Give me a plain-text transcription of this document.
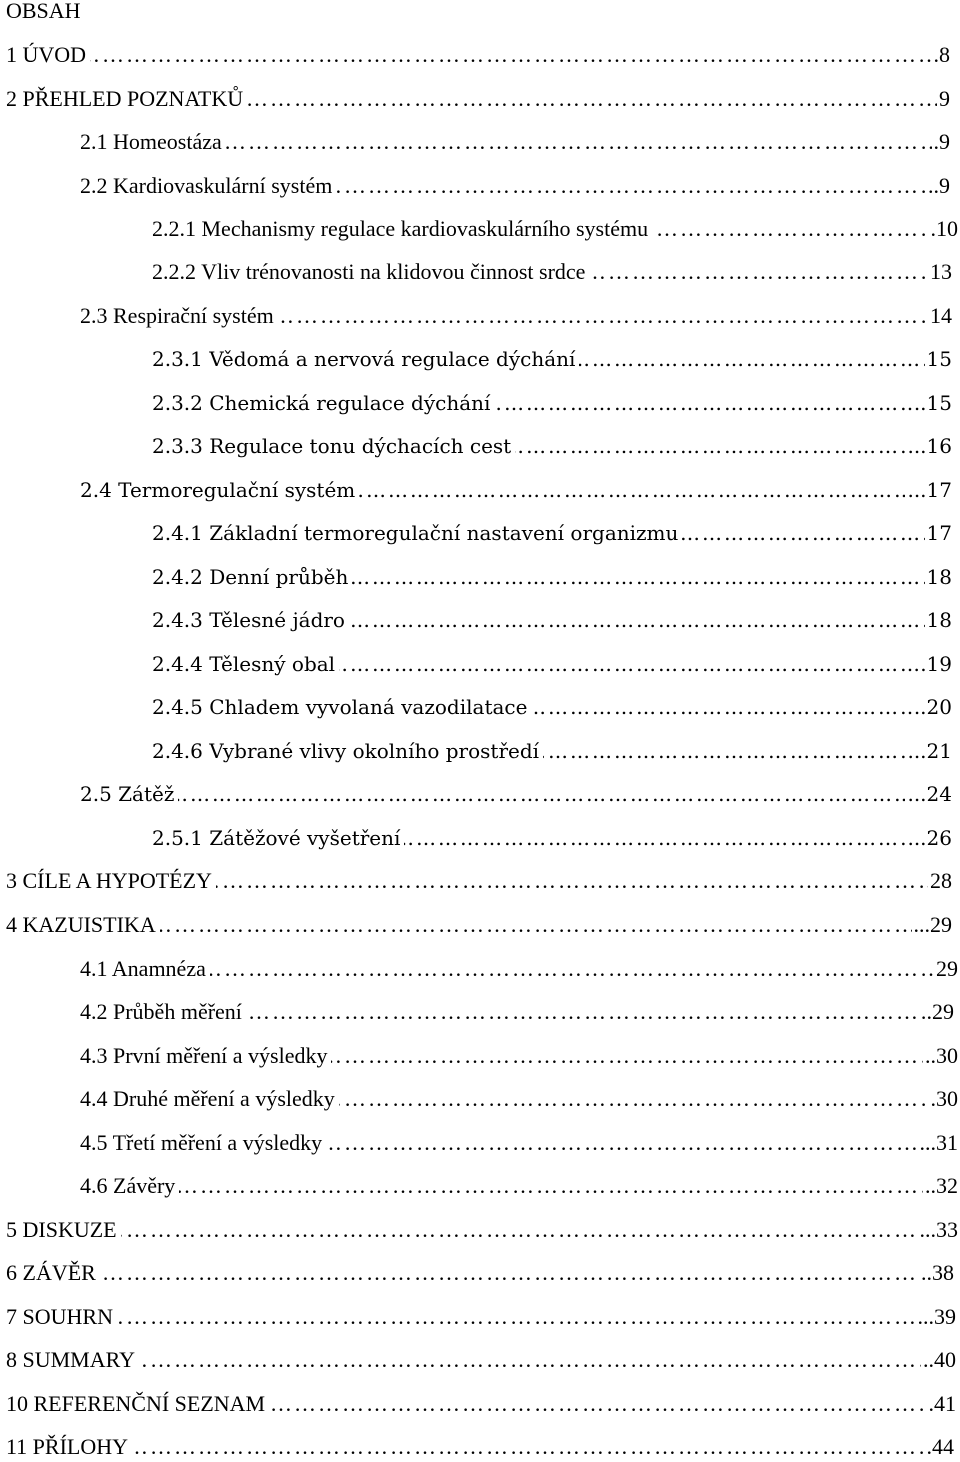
OBSAH
…………………………………………………………………………………………………………………………………………………………………………………………
1 ÚVOD	.8
…………………………………………………………………………………………………………………………………………………………………………………………
2 PŘEHLED POZNATKŮ	9
…………………………………………………………………………………………………………………………………………………………………………………………
2.1 Homeostáza	.9
…………………………………………………………………………………………………………………………………………………………………………………………
2.2 Kardiovaskulární systém	..9
…………………………………………………………………………………………………………………………………………………………………………………………
2.2.1 Mechanismy regulace kardiovaskulárního systému	.10
…………………………………………………………………………………………………………………………………………………………………………………………
2.2.2 Vliv trénovanosti na klidovou činnost srdce	13
…………………………………………………………………………………………………………………………………………………………………………………………
2.3 Respirační systém	14
…………………………………………………………………………………………………………………………………………………………………………………………
2.3.1 Vědomá a nervová regulace dýchání	15
…………………………………………………………………………………………………………………………………………………………………………………………
2.3.2 Chemická regulace dýchání	..15
…………………………………………………………………………………………………………………………………………………………………………………………
2.3.3 Regulace tonu dýchacích cest	...16
…………………………………………………………………………………………………………………………………………………………………………………………
2.4 Termoregulační systém	...17
…………………………………………………………………………………………………………………………………………………………………………………………
2.4.1 Základní termoregulační nastavení organizmu	17
…………………………………………………………………………………………………………………………………………………………………………………………
2.4.2 Denní průběh	18
…………………………………………………………………………………………………………………………………………………………………………………………
2.4.3 Tělesné jádro	18
…………………………………………………………………………………………………………………………………………………………………………………………
2.4.4 Tělesný obal	.19
…………………………………………………………………………………………………………………………………………………………………………………………
2.4.5 Chladem vyvolaná vazodilatace	..20
…………………………………………………………………………………………………………………………………………………………………………………………
2.4.6 Vybrané vlivy okolního prostředí	...21
…………………………………………………………………………………………………………………………………………………………………………………………
2.5 Zátěž	...24
…………………………………………………………………………………………………………………………………………………………………………………………
2.5.1 Zátěžové vyšetření	...26
…………………………………………………………………………………………………………………………………………………………………………………………
3 CÍLE A HYPOTÉZY	28
…………………………………………………………………………………………………………………………………………………………………………………………
4 KAZUISTIKA	...29
…………………………………………………………………………………………………………………………………………………………………………………………
4.1 Anamnéza	29
…………………………………………………………………………………………………………………………………………………………………………………………
4.2 Průběh měření	.29
…………………………………………………………………………………………………………………………………………………………………………………………
4.3 První měření a výsledky	..30
…………………………………………………………………………………………………………………………………………………………………………………………
4.4 Druhé měření a výsledky	.30
…………………………………………………………………………………………………………………………………………………………………………………………
4.5 Třetí měření a výsledky	...31
…………………………………………………………………………………………………………………………………………………………………………………………
4.6 Závěry	..32
…………………………………………………………………………………………………………………………………………………………………………………………
5 DISKUZE	...33
…………………………………………………………………………………………………………………………………………………………………………………………
6 ZÁVĚR	..38
…………………………………………………………………………………………………………………………………………………………………………………………
7 SOUHRN	...39
…………………………………………………………………………………………………………………………………………………………………………………………
8 SUMMARY	..40
…………………………………………………………………………………………………………………………………………………………………………………………
10 REFERENČNÍ SEZNAM	.41
…………………………………………………………………………………………………………………………………………………………………………………………
11 PŘÍLOHY	.44
